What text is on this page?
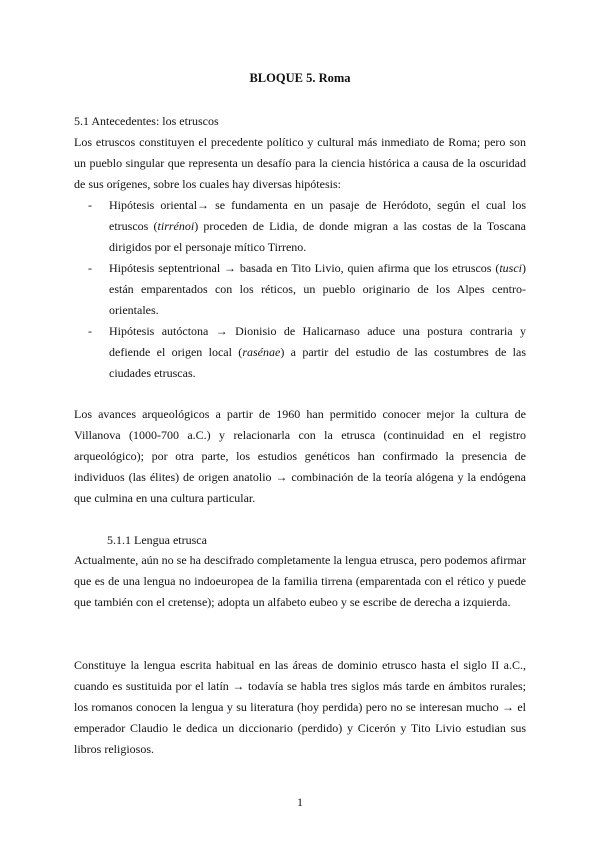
BLOQUE 5. Roma
5.1 Antecedentes: los etruscos
Los etruscos constituyen el precedente político y cultural más inmediato de Roma; pero son un pueblo singular que representa un desafío para la ciencia histórica a causa de la oscuridad de sus orígenes, sobre los cuales hay diversas hipótesis:
- Hipótesis oriental→ se fundamenta en un pasaje de Heródoto, según el cual los etruscos (tirrénoi) proceden de Lidia, de donde migran a las costas de la Toscana dirigidos por el personaje mítico Tirreno.
- Hipótesis septentrional → basada en Tito Livio, quien afirma que los etruscos (tusci) están emparentados con los réticos, un pueblo originario de los Alpes centro-orientales.
- Hipótesis autóctona → Dionisio de Halicarnaso aduce una postura contraria y defiende el origen local (rasénae) a partir del estudio de las costumbres de las ciudades etruscas.
Los avances arqueológicos a partir de 1960 han permitido conocer mejor la cultura de Villanova (1000-700 a.C.) y relacionarla con la etrusca (continuidad en el registro arqueológico); por otra parte, los estudios genéticos han confirmado la presencia de individuos (las élites) de origen anatolio → combinación de la teoría alógena y la endógena que culmina en una cultura particular.
5.1.1 Lengua etrusca
Actualmente, aún no se ha descifrado completamente la lengua etrusca, pero podemos afirmar que es de una lengua no indoeuropea de la familia tirrena (emparentada con el rético y puede que también con el cretense); adopta un alfabeto eubeo y se escribe de derecha a izquierda.
Constituye la lengua escrita habitual en las áreas de dominio etrusco hasta el siglo II a.C., cuando es sustituida por el latín → todavía se habla tres siglos más tarde en ámbitos rurales; los romanos conocen la lengua y su literatura (hoy perdida) pero no se interesan mucho → el emperador Claudio le dedica un diccionario (perdido) y Cicerón y Tito Livio estudian sus libros religiosos.
1
